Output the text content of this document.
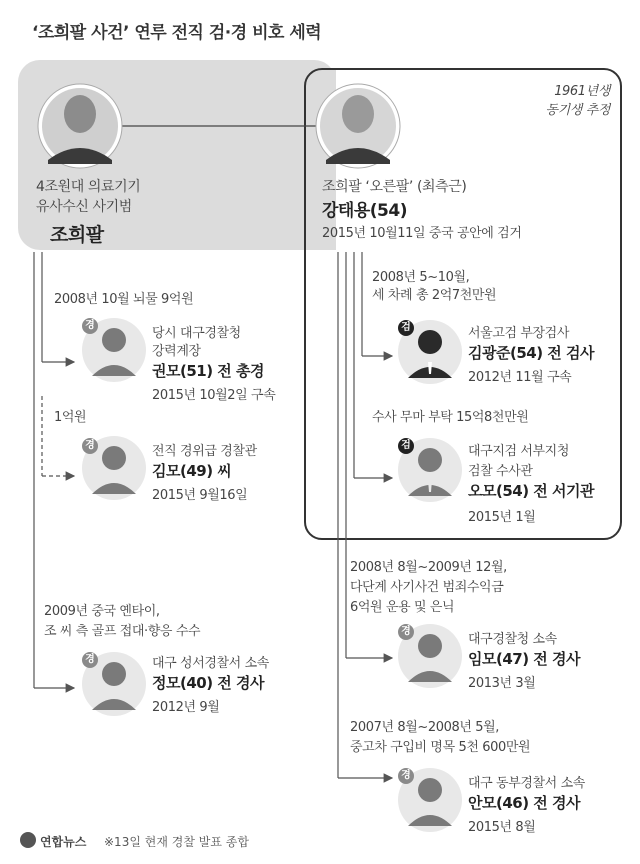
‘조희팔 사건’ 연루 전직 검·경 비호 세력
1961년생
동기생 추정
4조원대 의료기기
유사수신 사기범
조희팔
조희팔 ‘오른팔’ (최측근)
강태용(54)
2015년 10월11일 중국 공안에 검거
2008년 10월 뇌물 9억원
경
당시 대구경찰청
강력계장
권모(51) 전 총경
2015년 10월2일 구속
1억원
경	전직 경위급 경찰관
김모(49) 씨
2015년 9월16일
2009년 중국 옌타이,
조 씨 측 골프 접대·향응 수수
경	대구 성서경찰서 소속
정모(40) 전 경사
2012년 9월
2008년 5~10월,
세 차례 총 2억7천만원
검	서울고검 부장검사
김광준(54) 전 검사
2012년 11월 구속
수사 무마 부탁 15억8천만원
검	대구지검 서부지청
검찰 수사관
오모(54) 전 서기관
2015년 1월
2008년 8월~2009년 12월,
다단계 사기사건 범죄수익금
6억원 운용 및 은닉
경
대구경찰청 소속
임모(47) 전 경사
2013년 3월
2007년 8월~2008년 5월,
중고차 구입비 명목 5천 600만원
경
대구 동부경찰서 소속
안모(46) 전 경사
2015년 8월
연합뉴스 ※13일 현재 경찰 발표 종합
